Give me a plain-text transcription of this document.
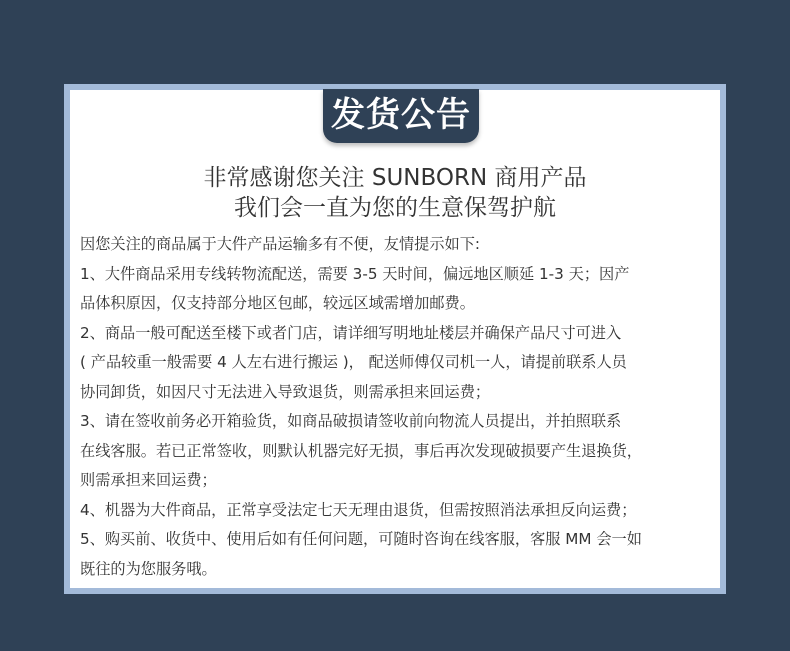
发货公告
非常感谢您关注 SUNBORN 商用产品
我们会一直为您的生意保驾护航
因您关注的商品属于大件产品运输多有不便，友情提示如下:
1、大件商品采用专线转物流配送，需要 3-5 天时间，偏远地区顺延 1-3 天；因产
品体积原因，仅支持部分地区包邮，较远区域需增加邮费。
2、商品一般可配送至楼下或者门店，请详细写明地址楼层并确保产品尺寸可进入
( 产品较重一般需要 4 人左右进行搬运 )， 配送师傅仅司机一人，请提前联系人员
协同卸货，如因尺寸无法进入导致退货，则需承担来回运费；
3、请在签收前务必开箱验货，如商品破损请签收前向物流人员提出，并拍照联系
在线客服。若已正常签收，则默认机器完好无损，事后再次发现破损要产生退换货，
则需承担来回运费；
4、机器为大件商品，正常享受法定七天无理由退货，但需按照消法承担反向运费；
5、购买前、收货中、使用后如有任何问题，可随时咨询在线客服，客服 MM 会一如
既往的为您服务哦。
